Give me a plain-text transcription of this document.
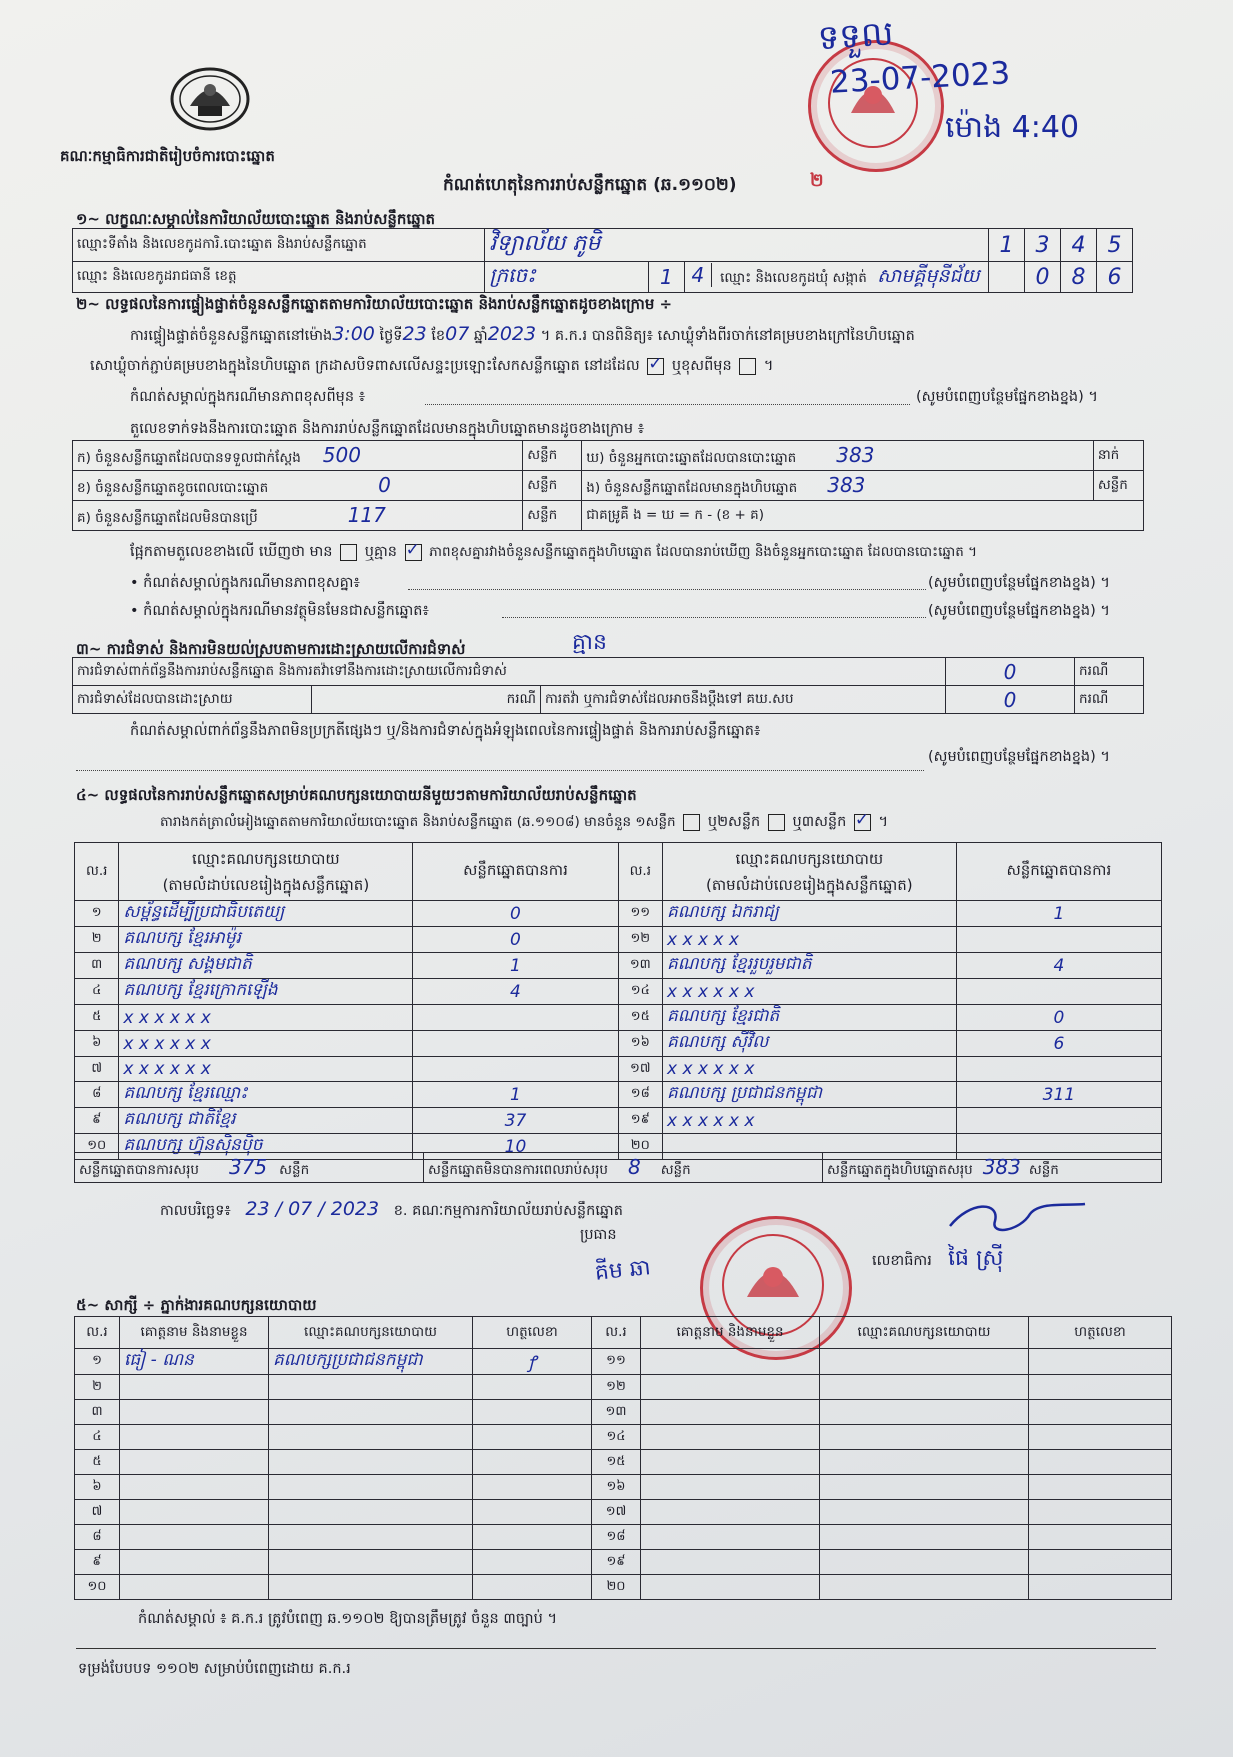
គណៈកម្មាធិការជាតិរៀបចំការបោះឆ្នោត
ទទួល
23-07-2023
ម៉ោង 4:40
កំណត់ហេតុនៃការរាប់សន្លឹកឆ្នោត (ឆ.១១០២)	២
១~ លក្ខណៈសម្គាល់នៃការិយាល័យបោះឆ្នោត និងរាប់សន្លឹកឆ្នោត
ឈ្មោះទីតាំង និងលេខកូដការិ.បោះឆ្នោត និងរាប់សន្លឹកឆ្នោត	វិទ្យាល័យ ភូមិ			1	3	4	5
ឈ្មោះ និងលេខកូដរាជធានី ខេត្ត	ក្រចេះ	1	4 ឈ្មោះ និងលេខកូដឃុំ សង្កាត់ សាមគ្គីមុនីជ័យ		0	8	6
២~ លទ្ធផលនៃការផ្ទៀងផ្ទាត់ចំនួនសន្លឹកឆ្នោតតាមការិយាល័យបោះឆ្នោត និងរាប់សន្លឹកឆ្នោតដូចខាងក្រោម ÷
ការផ្ទៀងផ្ទាត់ចំនួនសន្លឹកឆ្នោតនៅម៉ោង3:00 ថ្ងៃទី23 ខែ07 ឆ្នាំ2023 ។ គ.ក.រ បានពិនិត្យ៖ សោឃ្លុំទាំងពីរចាក់នៅគម្របខាងក្រៅនៃហិបឆ្នោត
សោឃ្លុំចាក់ភ្ជាប់គម្របខាងក្នុងនៃហិបឆ្នោត ក្រដាសបិទពាសលើសន្ទះប្រឡោះសែកសន្លឹកឆ្នោត នៅដដែល ✓ ឬខុសពីមុន  ។
កំណត់សម្គាល់ក្នុងករណីមានភាពខុសពីមុន ៖	(សូមបំពេញបន្ថែមផ្នែកខាងខ្នង) ។
តួលេខទាក់ទងនឹងការបោះឆ្នោត និងការរាប់សន្លឹកឆ្នោតដែលមានក្នុងហិបឆ្នោតមានដូចខាងក្រោម ៖
ក) ចំនួនសន្លឹកឆ្នោតដែលបានទទួលជាក់ស្ដែង 500	សន្លឹក	ឃ) ចំនួនអ្នកបោះឆ្នោតដែលបានបោះឆ្នោត 383	នាក់
ខ) ចំនួនសន្លឹកឆ្នោតខូចពេលបោះឆ្នោត 0	សន្លឹក	ង) ចំនួនសន្លឹកឆ្នោតដែលមានក្នុងហិបឆ្នោត 383	សន្លឹក
គ) ចំនួនសន្លឹកឆ្នោតដែលមិនបានប្រើ 117	សន្លឹក	ជាគម្រូគឺ ង = ឃ = ក - (ខ + គ)	
ផ្អែកតាមតួលេខខាងលើ ឃើញថា មាន ឬគ្មាន ✓ ភាពខុសគ្នារវាងចំនួនសន្លឹកឆ្នោតក្នុងហិបឆ្នោត ដែលបានរាប់ឃើញ និងចំនួនអ្នកបោះឆ្នោត ដែលបានបោះឆ្នោត ។
• កំណត់សម្គាល់ក្នុងករណីមានភាពខុសគ្នា៖	(សូមបំពេញបន្ថែមផ្នែកខាងខ្នង) ។
• កំណត់សម្គាល់ក្នុងករណីមានវត្ថុមិនមែនជាសន្លឹកឆ្នោត៖	(សូមបំពេញបន្ថែមផ្នែកខាងខ្នង) ។
៣~ ការជំទាស់ និងការមិនយល់ស្របតាមការដោះស្រាយលើការជំទាស់	គ្មាន
ការជំទាស់ពាក់ព័ន្ធនឹងការរាប់សន្លឹកឆ្នោត និងការតវ៉ាទៅនឹងការដោះស្រាយលើការជំទាស់			0	ករណី
ការជំទាស់ដែលបានដោះស្រាយ	ករណី	ការតវ៉ា ឬការជំទាស់ដែលអាចនឹងប្ដឹងទៅ គឃ.សប	0	ករណី
កំណត់សម្គាល់ពាក់ព័ន្ធនឹងភាពមិនប្រក្រតីផ្សេងៗ ឬ/និងការជំទាស់ក្នុងអំឡុងពេលនៃការផ្ទៀងផ្ទាត់ និងការរាប់សន្លឹកឆ្នោត៖
(សូមបំពេញបន្ថែមផ្នែកខាងខ្នង) ។
៤~ លទ្ធផលនៃការរាប់សន្លឹកឆ្នោតសម្រាប់គណបក្សនយោបាយនីមួយៗតាមការិយាល័យរាប់សន្លឹកឆ្នោត
តារាងកត់ត្រាលំអៀងឆ្នោតតាមការិយាល័យបោះឆ្នោត និងរាប់សន្លឹកឆ្នោត (ឆ.១១០៨) មានចំនួន ១សន្លឹក ឬ២សន្លឹក ឬ៣សន្លឹក ✓ ។
ល.រ	ឈ្មោះគណបក្សនយោបាយ
(តាមលំដាប់លេខរៀងក្នុងសន្លឹកឆ្នោត)	សន្លឹកឆ្នោតបានការ	ល.រ	ឈ្មោះគណបក្សនយោបាយ
(តាមលំដាប់លេខរៀងក្នុងសន្លឹកឆ្នោត)	សន្លឹកឆ្នោតបានការ
១	សម្ព័ន្ធដើម្បីប្រជាធិបតេយ្យ	0	១១	គណបក្ស ឯករាជ្យ	1
២	គណបក្ស ខ្មែរអាម៉ូរ	0	១២	x x x x x	
៣	គណបក្ស សង្គមជាតិ	1	១៣	គណបក្ស ខ្មែររួបរួមជាតិ	4
៤	គណបក្ស ខ្មែរក្រោកឡើង	4	១៤	x x x x x x	
៥	x x x x x x		១៥	គណបក្ស ខ្មែរជាតិ	0
៦	x x x x x x		១៦	គណបក្ស ស៊ីវិល	6
៧	x x x x x x		១៧	x x x x x x	
៨	គណបក្ស ខ្មែរឈ្មោះ	1	១៨	គណបក្ស ប្រជាជនកម្ពុជា	311
៩	គណបក្ស ជាតិខ្មែរ	37	១៩	x x x x x x	
១០	គណបក្ស ហ្វ៊ុនស៊ិនប៉ិច	10	២០		
សន្លឹកឆ្នោតបានការសរុប 375 សន្លឹក	សន្លឹកឆ្នោតមិនបានការពេលរាប់សរុប 8 សន្លឹក	សន្លឹកឆ្នោតក្នុងហិបឆ្នោតសរុប 383 សន្លឹក
កាលបរិច្ឆេទ៖ 23 / 07 / 2023 ខ. គណៈកម្មការការិយាល័យរាប់សន្លឹកឆ្នោត
ប្រធាន
គីម ឆា	លេខាធិការ ផៃ ស្រ៊ី
៥~ សាក្សី ÷ ភ្នាក់ងារគណបក្សនយោបាយ
ល.រ	គោត្តនាម និងនាមខ្លួន	ឈ្មោះគណបក្សនយោបាយ	ហត្ថលេខា	ល.រ	គោត្តនាម និងនាមខ្លួន	ឈ្មោះគណបក្សនយោបាយ	ហត្ថលេខា
១	ធៀ - ណន	គណបក្សប្រជាជនកម្ពុជា	ꝭ	១១			
២				១២			
៣				១៣			
៤				១៤			
៥				១៥			
៦				១៦			
៧				១៧			
៨				១៨			
៩				១៩			
១០				២០			
កំណត់សម្គាល់ ៖ គ.ក.រ ត្រូវបំពេញ ឆ.១១០២ ឱ្យបានត្រឹមត្រូវ ចំនួន ៣ច្បាប់ ។
ទម្រង់បែបបទ ១១០២ សម្រាប់បំពេញដោយ គ.ក.រ
